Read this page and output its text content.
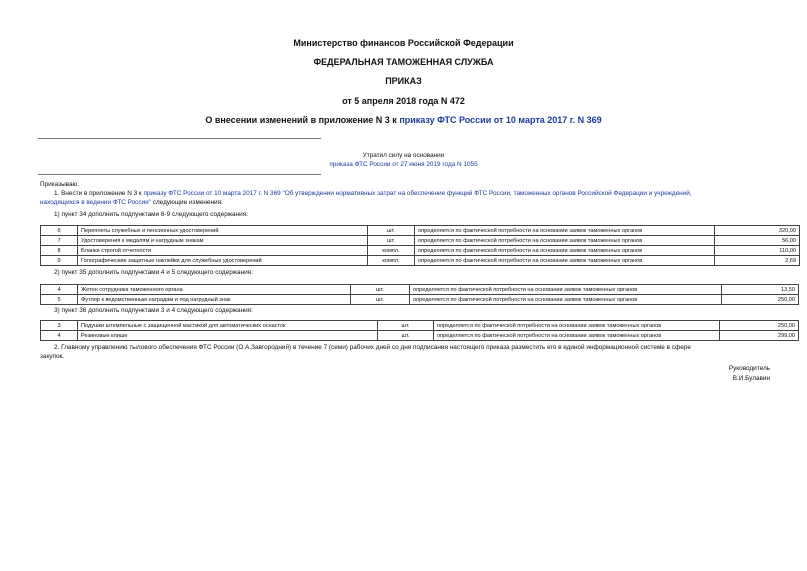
Министерство финансов Российской Федерации
ФЕДЕРАЛЬНАЯ ТАМОЖЕННАЯ СЛУЖБА
ПРИКАЗ
от 5 апреля 2018 года N 472
О внесении изменений в приложение N 3 к приказу ФТС России от 10 марта 2017 г. N 369
Утратил силу на основании
приказа ФТС России от 27 июня 2019 года N 1055
Приказываю:
1. Внести в приложение N 3 к приказу ФТС России от 10 марта 2017 г. N 369 "Об утверждении нормативных затрат на обеспечение функций ФТС России, таможенных органов Российской Федерации и учреждений,
находящихся в ведении ФТС России" следующие изменения:
1) пункт 34 дополнить подпунктами 6-9 следующего содержания:
6	Переплеты служебных и пенсионных удостоверений	шт.	определяется по фактической потребности на основании заявок таможенных органов	320,00
7	Удостоверения к медалям и нагрудным знакам	шт.	определяется по фактической потребности на основании заявок таможенных органов	56,00
8	Бланки строгой отчетности	компл.	определяется по фактической потребности на основании заявок таможенных органов	110,00
9	Голографические защитные наклейки для служебных удостоверений	компл.	определяется по фактической потребности на основании заявок таможенных органов	2,69
2) пункт 35 дополнить подпунктами 4 и 5 следующего содержания:
4	Жетон сотрудника таможенного органа	шт.	определяется по фактической потребности на основании заявок таможенных органов	13,50
5	Футляр к ведомственным наградам и под нагрудный знак	шт.	определяется по фактической потребности на основании заявок таможенных органов	250,00
3) пункт 36 дополнить подпунктами 3 и 4 следующего содержания:
3	Подушки штемпельные с защищенной мастикой для автоматических оснасток	шт.	определяется по фактической потребности на основании заявок таможенных органов	250,00
4	Резиновые клише	шт.	определяется по фактической потребности на основании заявок таможенных органов	299,00
2. Главному управлению тылового обеспечения ФТС России (О.А.Завгородний) в течение 7 (семи) рабочих дней со дня подписания настоящего приказа разместить его в единой информационной системе в сфере
закупок.
Руководитель
В.И.Булавин
